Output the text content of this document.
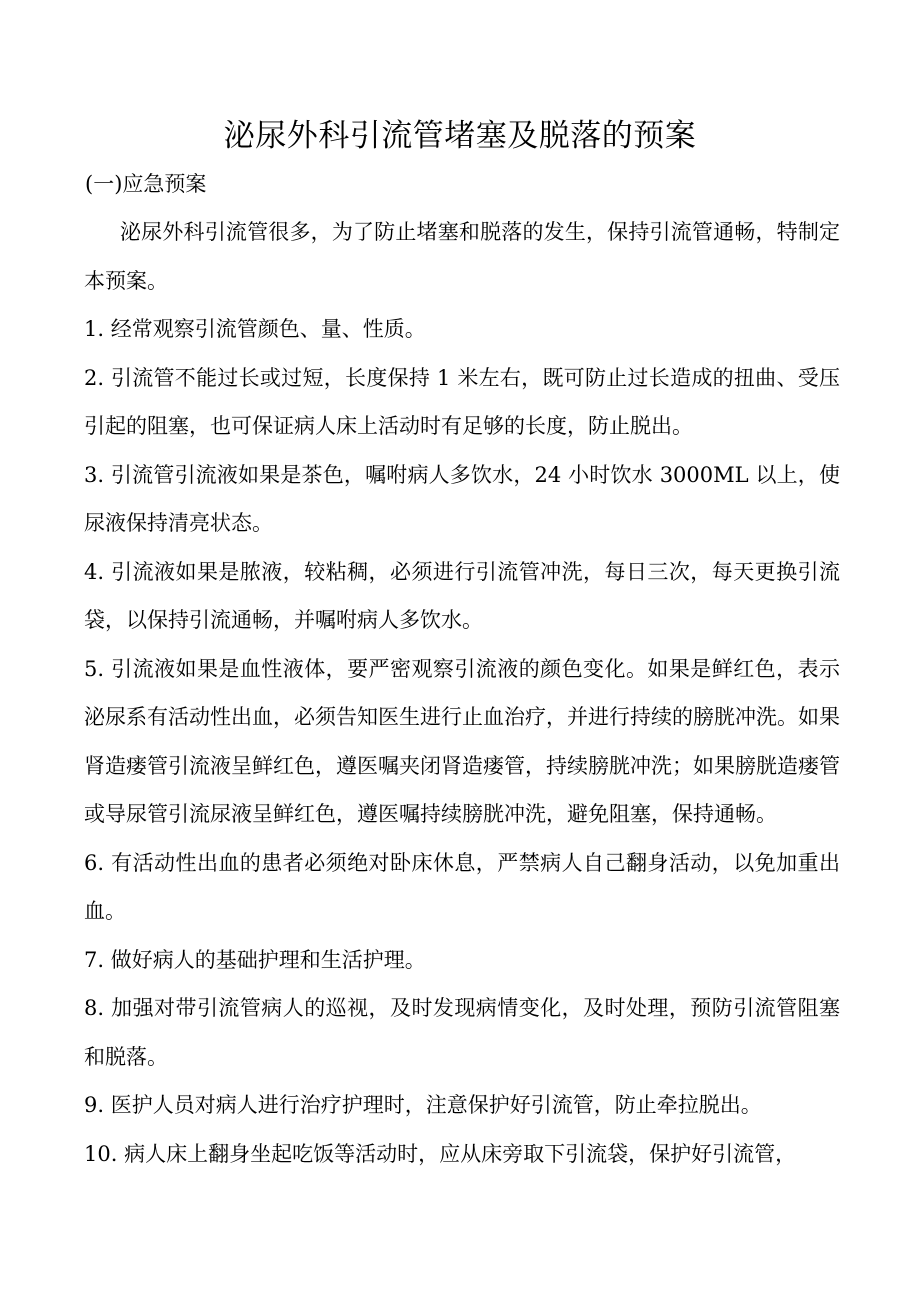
泌尿外科引流管堵塞及脱落的预案
(一)应急预案

泌尿外科引流管很多，为了防止堵塞和脱落的发生，保持引流管通畅，特制定本预案。

1. 经常观察引流管颜色、量、性质。

2. 引流管不能过长或过短，长度保持 1 米左右，既可防止过长造成的扭曲、受压引起的阻塞，也可保证病人床上活动时有足够的长度，防止脱出。

3. 引流管引流液如果是茶色，嘱咐病人多饮水，24 小时饮水 3000ML 以上，使尿液保持清亮状态。

4. 引流液如果是脓液，较粘稠，必须进行引流管冲洗，每日三次，每天更换引流袋，以保持引流通畅，并嘱咐病人多饮水。

5. 引流液如果是血性液体，要严密观察引流液的颜色变化。如果是鲜红色，表示泌尿系有活动性出血，必须告知医生进行止血治疗，并进行持续的膀胱冲洗。如果肾造瘘管引流液呈鲜红色，遵医嘱夹闭肾造瘘管，持续膀胱冲洗；如果膀胱造瘘管或导尿管引流尿液呈鲜红色，遵医嘱持续膀胱冲洗，避免阻塞，保持通畅。

6. 有活动性出血的患者必须绝对卧床休息，严禁病人自己翻身活动，以免加重出血。

7. 做好病人的基础护理和生活护理。

8. 加强对带引流管病人的巡视，及时发现病情变化，及时处理，预防引流管阻塞和脱落。

9. 医护人员对病人进行治疗护理时，注意保护好引流管，防止牵拉脱出。

10. 病人床上翻身坐起吃饭等活动时，应从床旁取下引流袋，保护好引流管，
